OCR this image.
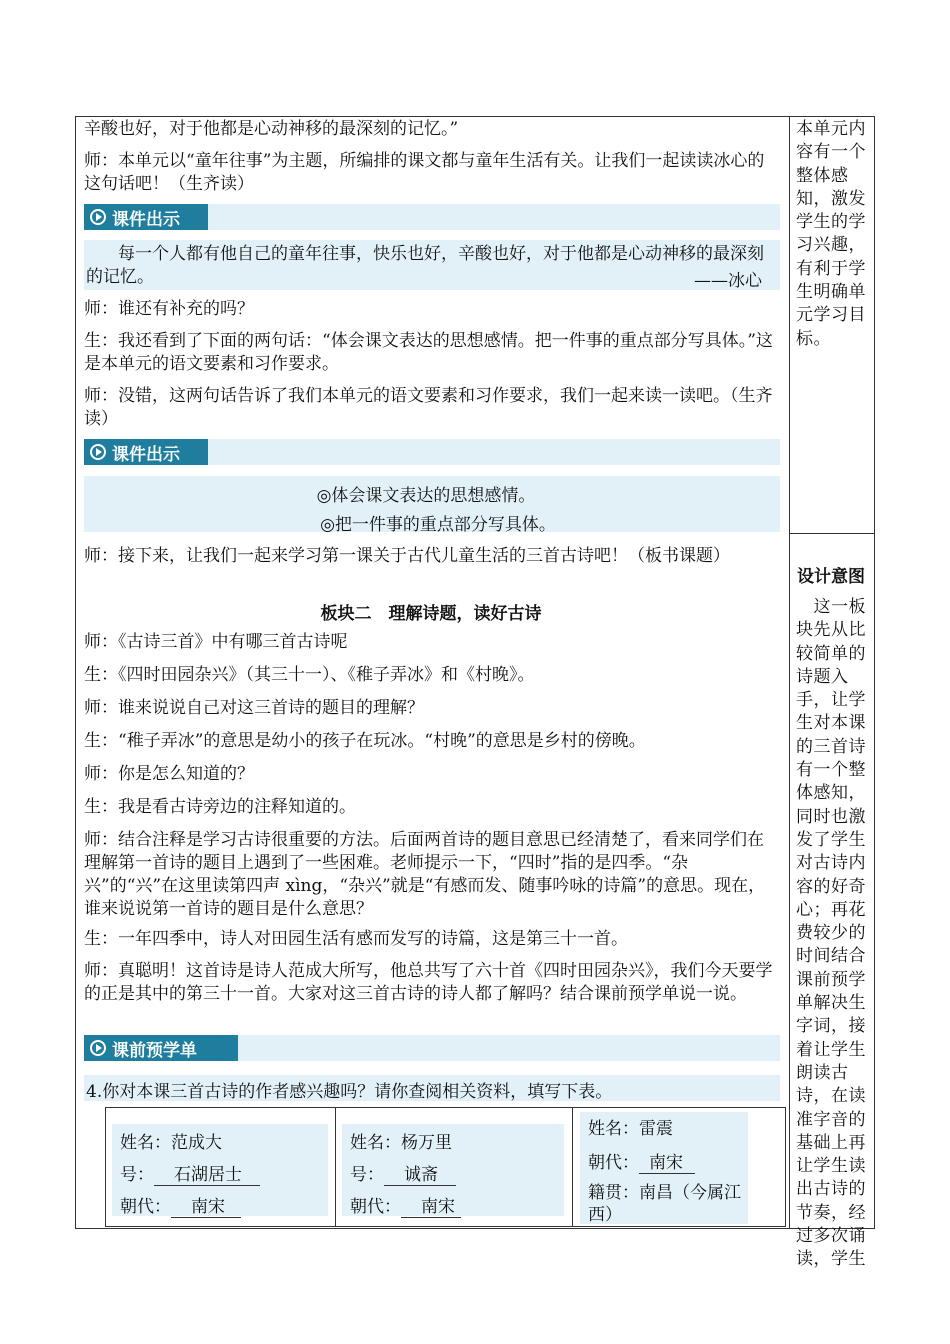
辛酸也好，对于他都是心动神移的最深刻的记忆。”
师：本单元以“童年往事”为主题，所编排的课文都与童年生活有关。让我们一起读读冰心的这句话吧！（生齐读）
课件出示
每一个人都有他自己的童年往事，快乐也好，辛酸也好，对于他都是心动神移的最深刻的记忆。	——冰心
师：谁还有补充的吗？
生：我还看到了下面的两句话：“体会课文表达的思想感情。把一件事的重点部分写具体。”这是本单元的语文要素和习作要求。
师：没错，这两句话告诉了我们本单元的语文要素和习作要求，我们一起来读一读吧。（生齐读）
课件出示
◎体会课文表达的思想感情。
◎把一件事的重点部分写具体。
师：接下来，让我们一起来学习第一课关于古代儿童生活的三首古诗吧！（板书课题）
板块二　理解诗题，读好古诗
师：《古诗三首》中有哪三首古诗呢
生：《四时田园杂兴》（其三十一）、《稚子弄冰》和《村晚》。
师：谁来说说自己对这三首诗的题目的理解？
生：“稚子弄冰”的意思是幼小的孩子在玩冰。“村晚”的意思是乡村的傍晚。
师：你是怎么知道的？
生：我是看古诗旁边的注释知道的。
师：结合注释是学习古诗很重要的方法。后面两首诗的题目意思已经清楚了，看来同学们在理解第一首诗的题目上遇到了一些困难。老师提示一下，“四时”指的是四季。“杂兴”的“兴”在这里读第四声 xìng，“杂兴”就是“有感而发、随事吟咏的诗篇”的意思。现在，谁来说说第一首诗的题目是什么意思？
生：一年四季中，诗人对田园生活有感而发写的诗篇，这是第三十一首。
师：真聪明！这首诗是诗人范成大所写，他总共写了六十首《四时田园杂兴》，我们今天要学的正是其中的第三十一首。大家对这三首古诗的诗人都了解吗？结合课前预学单说一说。
课前预学单
4.你对本课三首古诗的作者感兴趣吗？请你查阅相关资料，填写下表。
姓名：范成大
号： 石湖居士
朝代： 南宋
姓名：杨万里
号： 诚斋
朝代： 南宋
姓名：雷震
朝代： 南宋
籍贯：南昌（今属江西）
本单元内容有一个整体感知，激发学生的学习兴趣，有利于学生明确单元学习目标。
设计意图
　这一板块先从比较简单的诗题入手，让学生对本课的三首诗有一个整体感知，同时也激发了学生对古诗内容的好奇心；再花费较少的时间结合课前预学单解决生字词，接着让学生朗读古诗，在读准字音的基础上再让学生读出古诗的节奏，经过多次诵读，学生
